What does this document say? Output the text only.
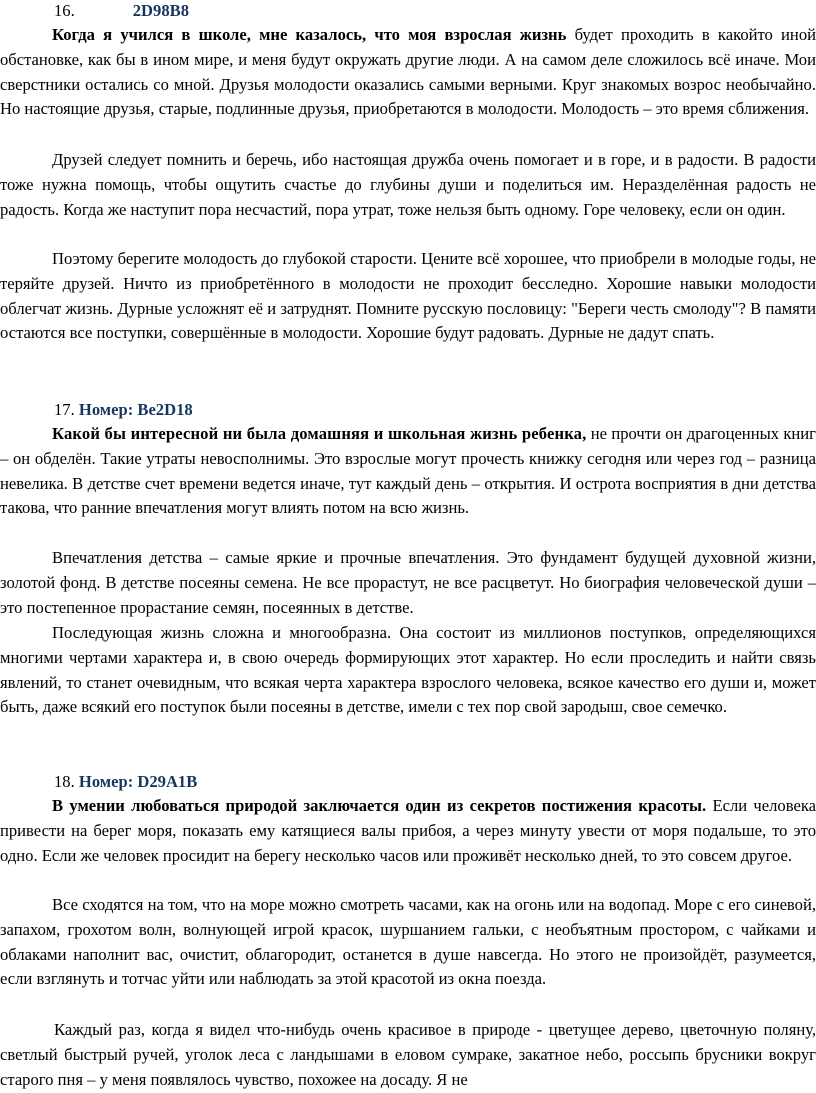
16.	2D98B8

Когда я учился в школе, мне казалось, что моя взрослая жизнь будет проходить в какойто иной обстановке, как бы в ином мире, и меня будут окружать другие люди. А на самом деле сложилось всё иначе. Мои сверстники остались со мной. Друзья молодости оказались самыми верными. Круг знакомых возрос необычайно. Но настоящие друзья, старые, подлинные друзья, приобретаются в молодости. Молодость – это время сближения.

Друзей следует помнить и беречь, ибо настоящая дружба очень помогает и в горе, и в радости. В радости тоже нужна помощь, чтобы ощутить счастье до глубины души и поделиться им. Неразделённая радость не радость. Когда же наступит пора несчастий, пора утрат, тоже нельзя быть одному. Горе человеку, если он один.

Поэтому берегите молодость до глубокой старости. Цените всё хорошее, что приобрели в молодые годы, не теряйте друзей. Ничто из приобретённого в молодости не проходит бесследно. Хорошие навыки молодости облегчат жизнь. Дурные усложнят её и затруднят. Помните русскую пословицу: "Береги честь смолоду"? В памяти остаются все поступки, совершённые в молодости. Хорошие будут радовать. Дурные не дадут спать.

17. Номер: Be2D18

Какой бы интересной ни была домашняя и школьная жизнь ребенка, не прочти он драгоценных книг – он обделён. Такие утраты невосполнимы. Это взрослые могут прочесть книжку сегодня или через год – разница невелика. В детстве счет времени ведется иначе, тут каждый день – открытия. И острота восприятия в дни детства такова, что ранние впечатления могут влиять потом на всю жизнь.

Впечатления детства – самые яркие и прочные впечатления. Это фундамент будущей духовной жизни, золотой фонд. В детстве посеяны семена. Не все прорастут, не все расцветут. Но биография человеческой души – это постепенное прорастание семян, посеянных в детстве.

Последующая жизнь сложна и многообразна. Она состоит из миллионов поступков, определяющихся многими чертами характера и, в свою очередь формирующих этот характер. Но если проследить и найти связь явлений, то станет очевидным, что всякая черта характера взрослого человека, всякое качество его души и, может быть, даже всякий его поступок были посеяны в детстве, имели с тех пор свой зародыш, свое семечко.

18. Номер: D29A1B

В умении любоваться природой заключается один из секретов постижения красоты. Если человека привести на берег моря, показать ему катящиеся валы прибоя, а через минуту увести от моря подальше, то это одно. Если же человек просидит на берегу несколько часов или проживёт несколько дней, то это совсем другое.

Все сходятся на том, что на море можно смотреть часами, как на огонь или на водопад. Море с его синевой, запахом, грохотом волн, волнующей игрой красок, шуршанием гальки, с необъятным простором, с чайками и облаками наполнит вас, очистит, облагородит, останется в душе навсегда. Но этого не произойдёт, разумеется, если взглянуть и тотчас уйти или наблюдать за этой красотой из окна поезда.

Каждый раз, когда я видел что-нибудь очень красивое в природе - цветущее дерево, цветочную поляну, светлый быстрый ручей, уголок леса с ландышами в еловом сумраке, закатное небо, россыпь брусники вокруг старого пня – у меня появлялось чувство, похожее на досаду. Я не
